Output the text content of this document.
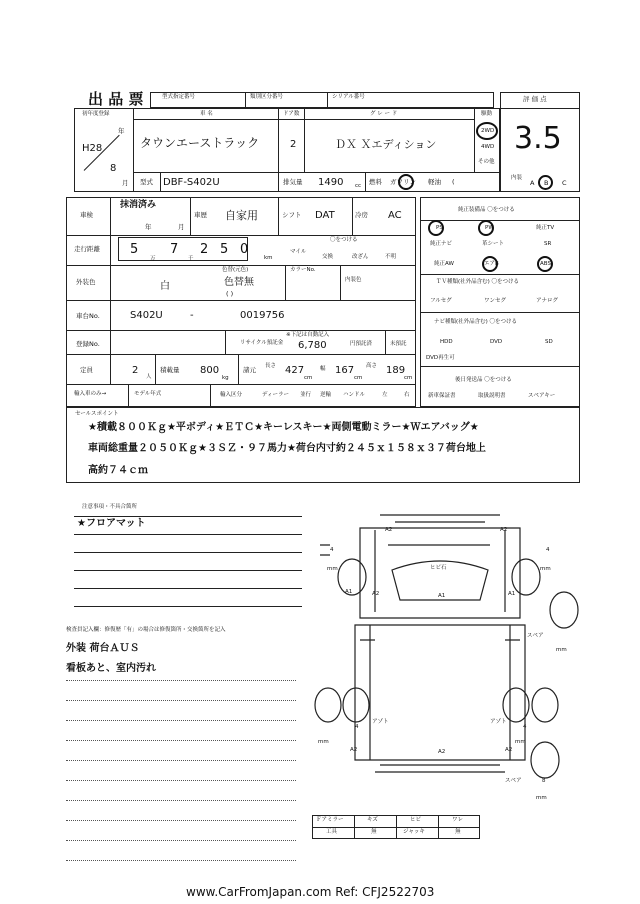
出 品 票	型式指定番号	類別区分番号	シリアル番号	評 価 点
3.5
初年度登録
年
H28
8
月
車 名
タウンエーストラック
ドア数
2
グ レ ー ド
ＤＸ Ｘエディション
駆動
2WD
4WD
その他
型式 DBF-S402U	排気量 1490 cc 燃料 ガソリン 軽油 (	内装
A B C
車検
抹消済み
年	月
車歴 自家用	シフト DAT	冷房 AC
走行距離 5
万
7
千
2 5 0
km
〇をつける
マイル
交換	改ざん	不明
外装色	白
色替(元色)
色替無
( )
カラーNo.
内装色
車台No.	S402U	-	0019756
登録No.
※下記は自動記入
リサイクル預託金 6,780	円預託済	未預託
定員	2
人
積載量 800
kg
諸元 長さ 427
cm
幅 167
cm
高さ 189
cm
輸入車のみ→	モデル年式	輸入区分	ディーラー 並行 逆輸 ハンドル	左	右
純正装備品 〇をつける
PS	PW	純正TV
純正ナビ	革シート	SR
純正AW	エアB	ABS
ＴＶ種類(社外品含む) 〇をつける
フルセグ	ワンセグ	アナログ
ナビ種類(社外品含む) 〇をつける
HDD	DVD	SD
DVD再生可
後日発送品 〇をつける
新車保証書	取扱説明書	スペアキー
セールスポイント
★積載８００Ｋｇ★平ボディ★ＥＴＣ★キーレスキー★両側電動ミラー★Ｗエアバッグ★
車両総重量２０５０Ｋｇ★３ＳＺ・９７馬力★荷台内寸約２４５ｘ１５８ｘ３７荷台地上
高約７４ｃｍ
注意事項・不具合箇所
★フロアマット
検査員記入欄：修復歴「有」の場合は修復箇所・交換箇所を記入
外装 荷台ＡＵＳ
看板あと、室内汚れ
A2	A2
ヒビ石
A1
A2	A1
A1
A2
A2	A2
アゾト	アゾト
4
mm
4
mm
スペア
mm
4
mm
4
mm
スペア	8
mm
Ｆアミラー	キズ	ヒビ	ワレ
工具	無	ジャッキ	無
www.CarFromJapan.com Ref: CFJ2522703
